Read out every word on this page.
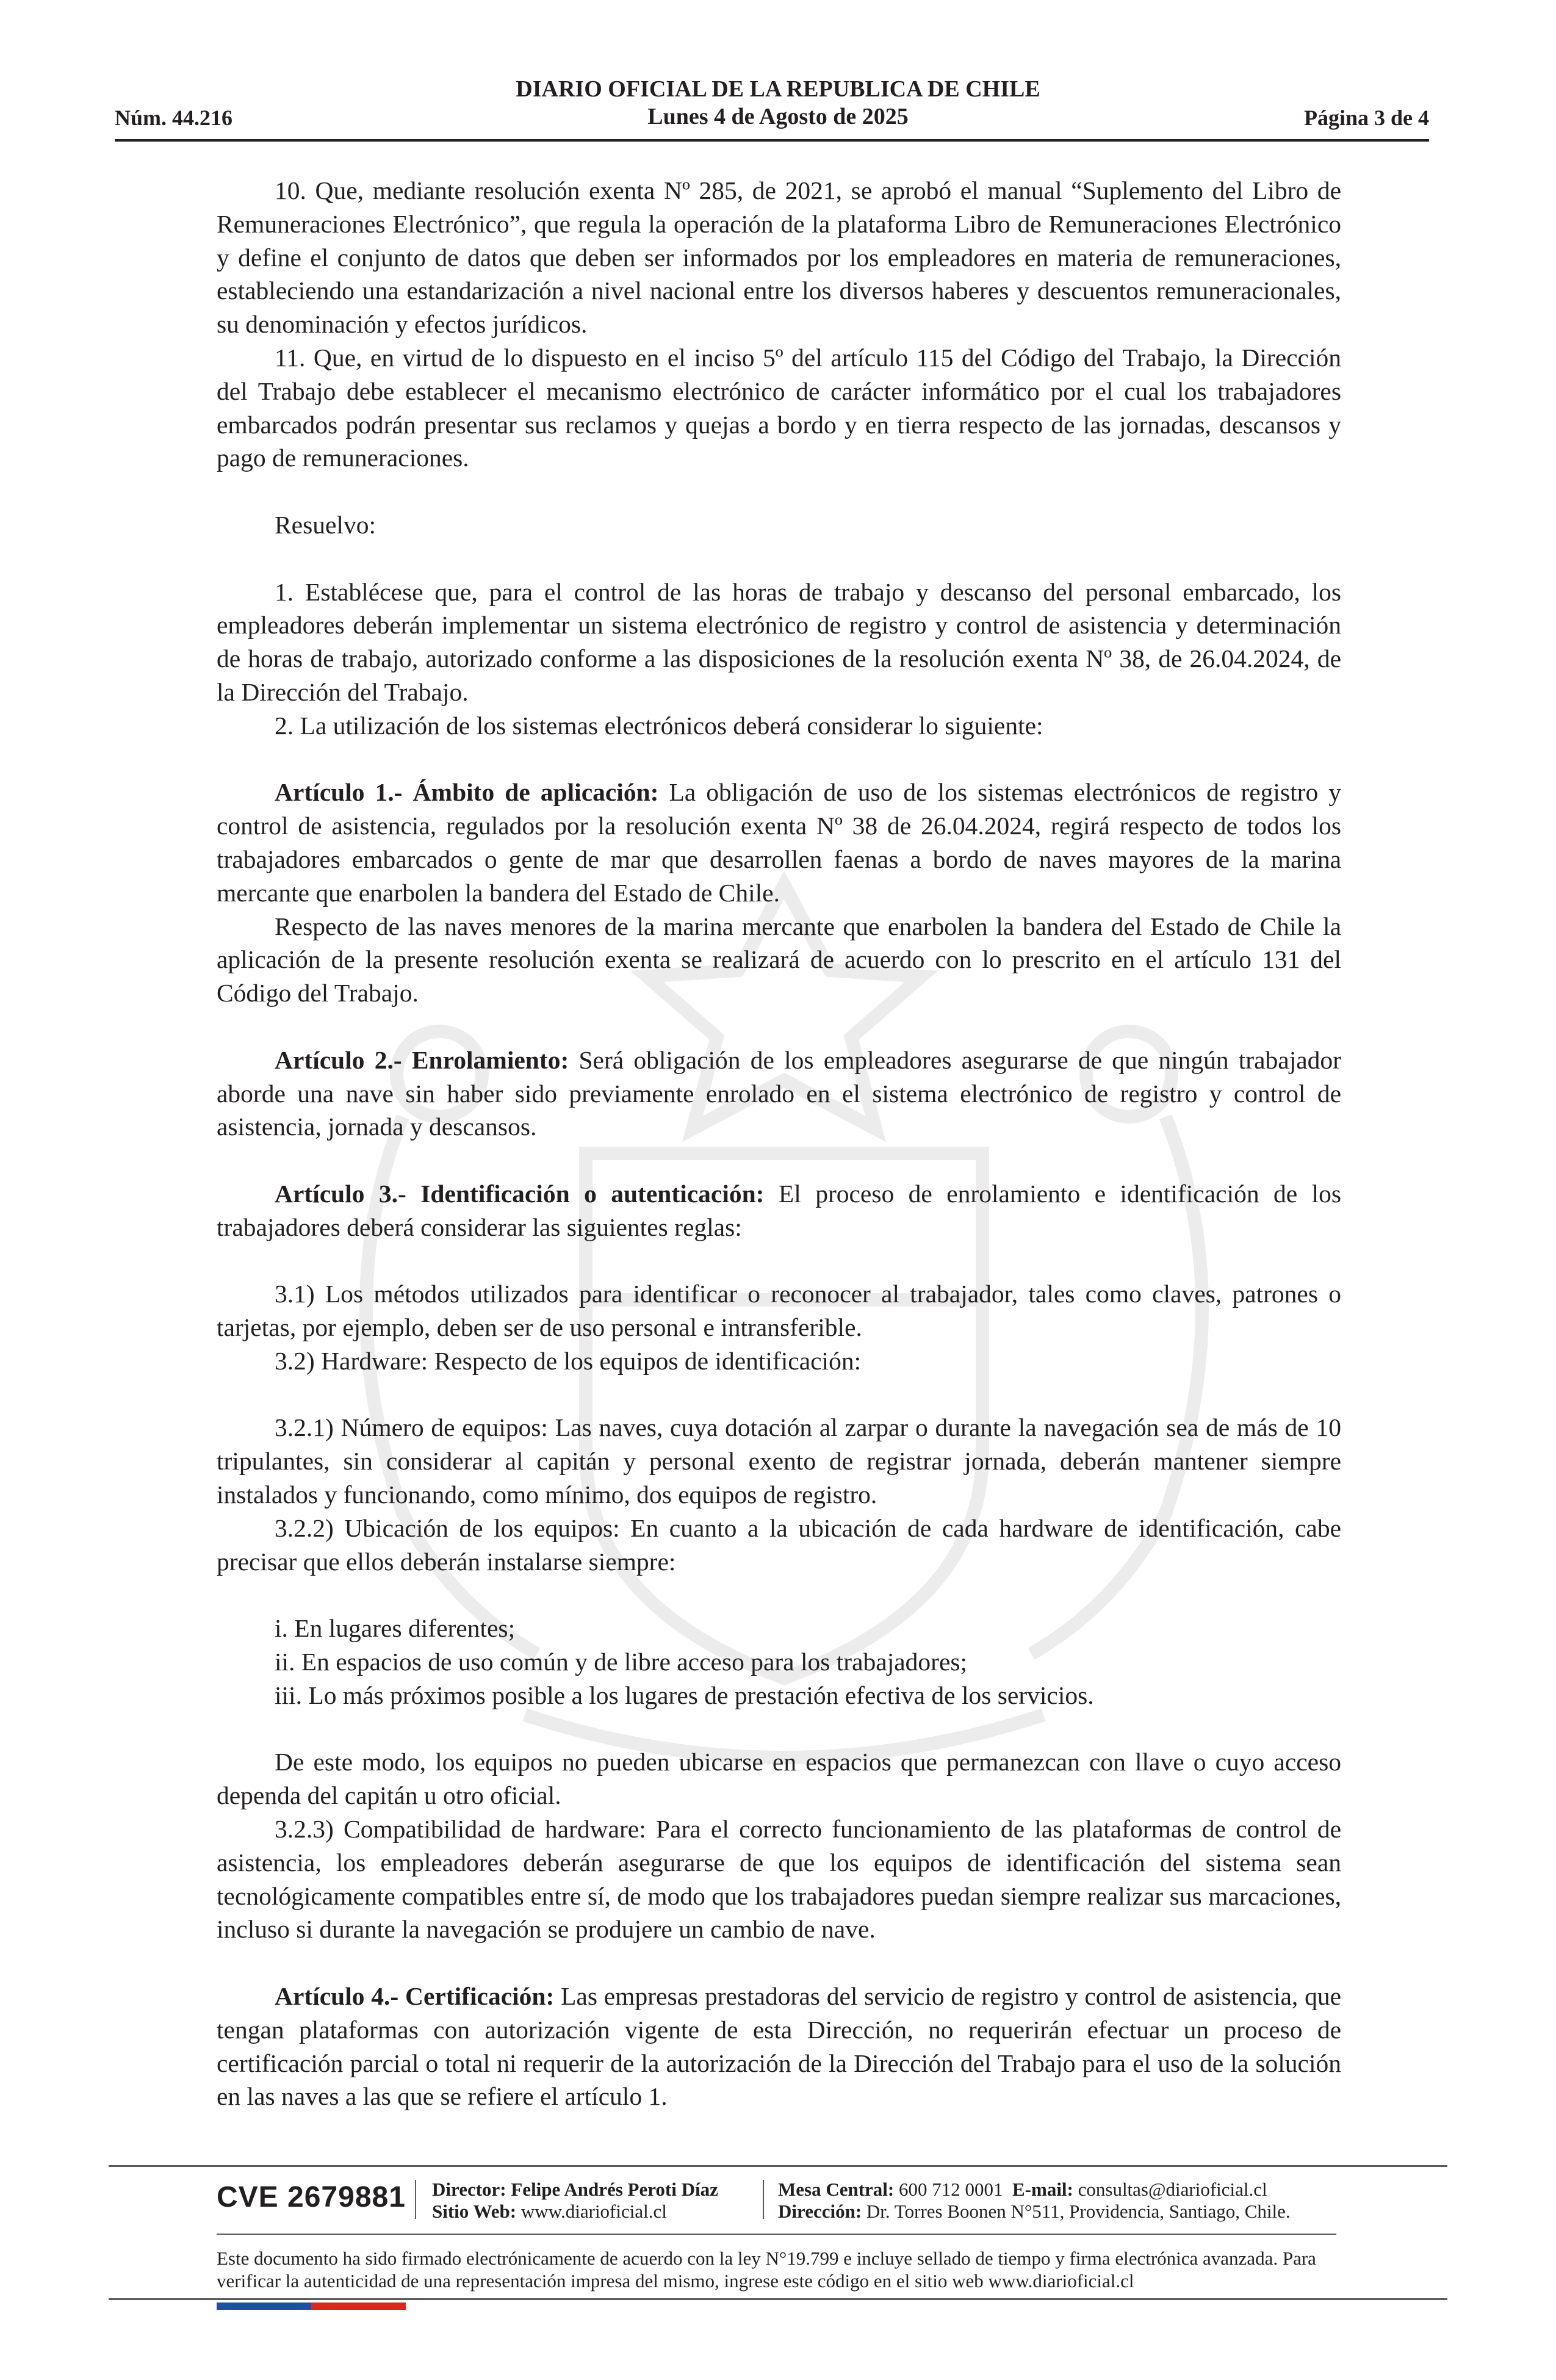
DIARIO OFICIAL DE LA REPUBLICA DE CHILE
Lunes 4 de Agosto de 2025
Núm. 44.216	Página 3 de 4

10. Que, mediante resolución exenta Nº 285, de 2021, se aprobó el manual “Suplemento del Libro de Remuneraciones Electrónico”, que regula la operación de la plataforma Libro de Remuneraciones Electrónico y define el conjunto de datos que deben ser informados por los empleadores en materia de remuneraciones, estableciendo una estandarización a nivel nacional entre los diversos haberes y descuentos remuneracionales, su denominación y efectos jurídicos.

11. Que, en virtud de lo dispuesto en el inciso 5º del artículo 115 del Código del Trabajo, la Dirección del Trabajo debe establecer el mecanismo electrónico de carácter informático por el cual los trabajadores embarcados podrán presentar sus reclamos y quejas a bordo y en tierra respecto de las jornadas, descansos y pago de remuneraciones.

Resuelvo:

1. Establécese que, para el control de las horas de trabajo y descanso del personal embarcado, los empleadores deberán implementar un sistema electrónico de registro y control de asistencia y determinación de horas de trabajo, autorizado conforme a las disposiciones de la resolución exenta Nº 38, de 26.04.2024, de la Dirección del Trabajo.

2. La utilización de los sistemas electrónicos deberá considerar lo siguiente:

Artículo 1.- Ámbito de aplicación: La obligación de uso de los sistemas electrónicos de registro y control de asistencia, regulados por la resolución exenta Nº 38 de 26.04.2024, regirá respecto de todos los trabajadores embarcados o gente de mar que desarrollen faenas a bordo de naves mayores de la marina mercante que enarbolen la bandera del Estado de Chile.

Respecto de las naves menores de la marina mercante que enarbolen la bandera del Estado de Chile la aplicación de la presente resolución exenta se realizará de acuerdo con lo prescrito en el artículo 131 del Código del Trabajo.

Artículo 2.- Enrolamiento: Será obligación de los empleadores asegurarse de que ningún trabajador aborde una nave sin haber sido previamente enrolado en el sistema electrónico de registro y control de asistencia, jornada y descansos.

Artículo 3.- Identificación o autenticación: El proceso de enrolamiento e identificación de los trabajadores deberá considerar las siguientes reglas:

3.1) Los métodos utilizados para identificar o reconocer al trabajador, tales como claves, patrones o tarjetas, por ejemplo, deben ser de uso personal e intransferible.

3.2) Hardware: Respecto de los equipos de identificación:

3.2.1) Número de equipos: Las naves, cuya dotación al zarpar o durante la navegación sea de más de 10 tripulantes, sin considerar al capitán y personal exento de registrar jornada, deberán mantener siempre instalados y funcionando, como mínimo, dos equipos de registro.

3.2.2) Ubicación de los equipos: En cuanto a la ubicación de cada hardware de identificación, cabe precisar que ellos deberán instalarse siempre:

i. En lugares diferentes;

ii. En espacios de uso común y de libre acceso para los trabajadores;

iii. Lo más próximos posible a los lugares de prestación efectiva de los servicios.

De este modo, los equipos no pueden ubicarse en espacios que permanezcan con llave o cuyo acceso dependa del capitán u otro oficial.

3.2.3) Compatibilidad de hardware: Para el correcto funcionamiento de las plataformas de control de asistencia, los empleadores deberán asegurarse de que los equipos de identificación del sistema sean tecnológicamente compatibles entre sí, de modo que los trabajadores puedan siempre realizar sus marcaciones, incluso si durante la navegación se produjere un cambio de nave.

Artículo 4.- Certificación: Las empresas prestadoras del servicio de registro y control de asistencia, que tengan plataformas con autorización vigente de esta Dirección, no requerirán efectuar un proceso de certificación parcial o total ni requerir de la autorización de la Dirección del Trabajo para el uso de la solución en las naves a las que se refiere el artículo 1.

CVE 2679881 Director: Felipe Andrés Peroti Díaz
Sitio Web: www.diarioficial.cl
Mesa Central: 600 712 0001 E-mail: consultas@diarioficial.cl
Dirección: Dr. Torres Boonen N°511, Providencia, Santiago, Chile.
Este documento ha sido firmado electrónicamente de acuerdo con la ley N°19.799 e incluye sellado de tiempo y firma electrónica avanzada. Para verificar la autenticidad de una representación impresa del mismo, ingrese este código en el sitio web www.diarioficial.cl
